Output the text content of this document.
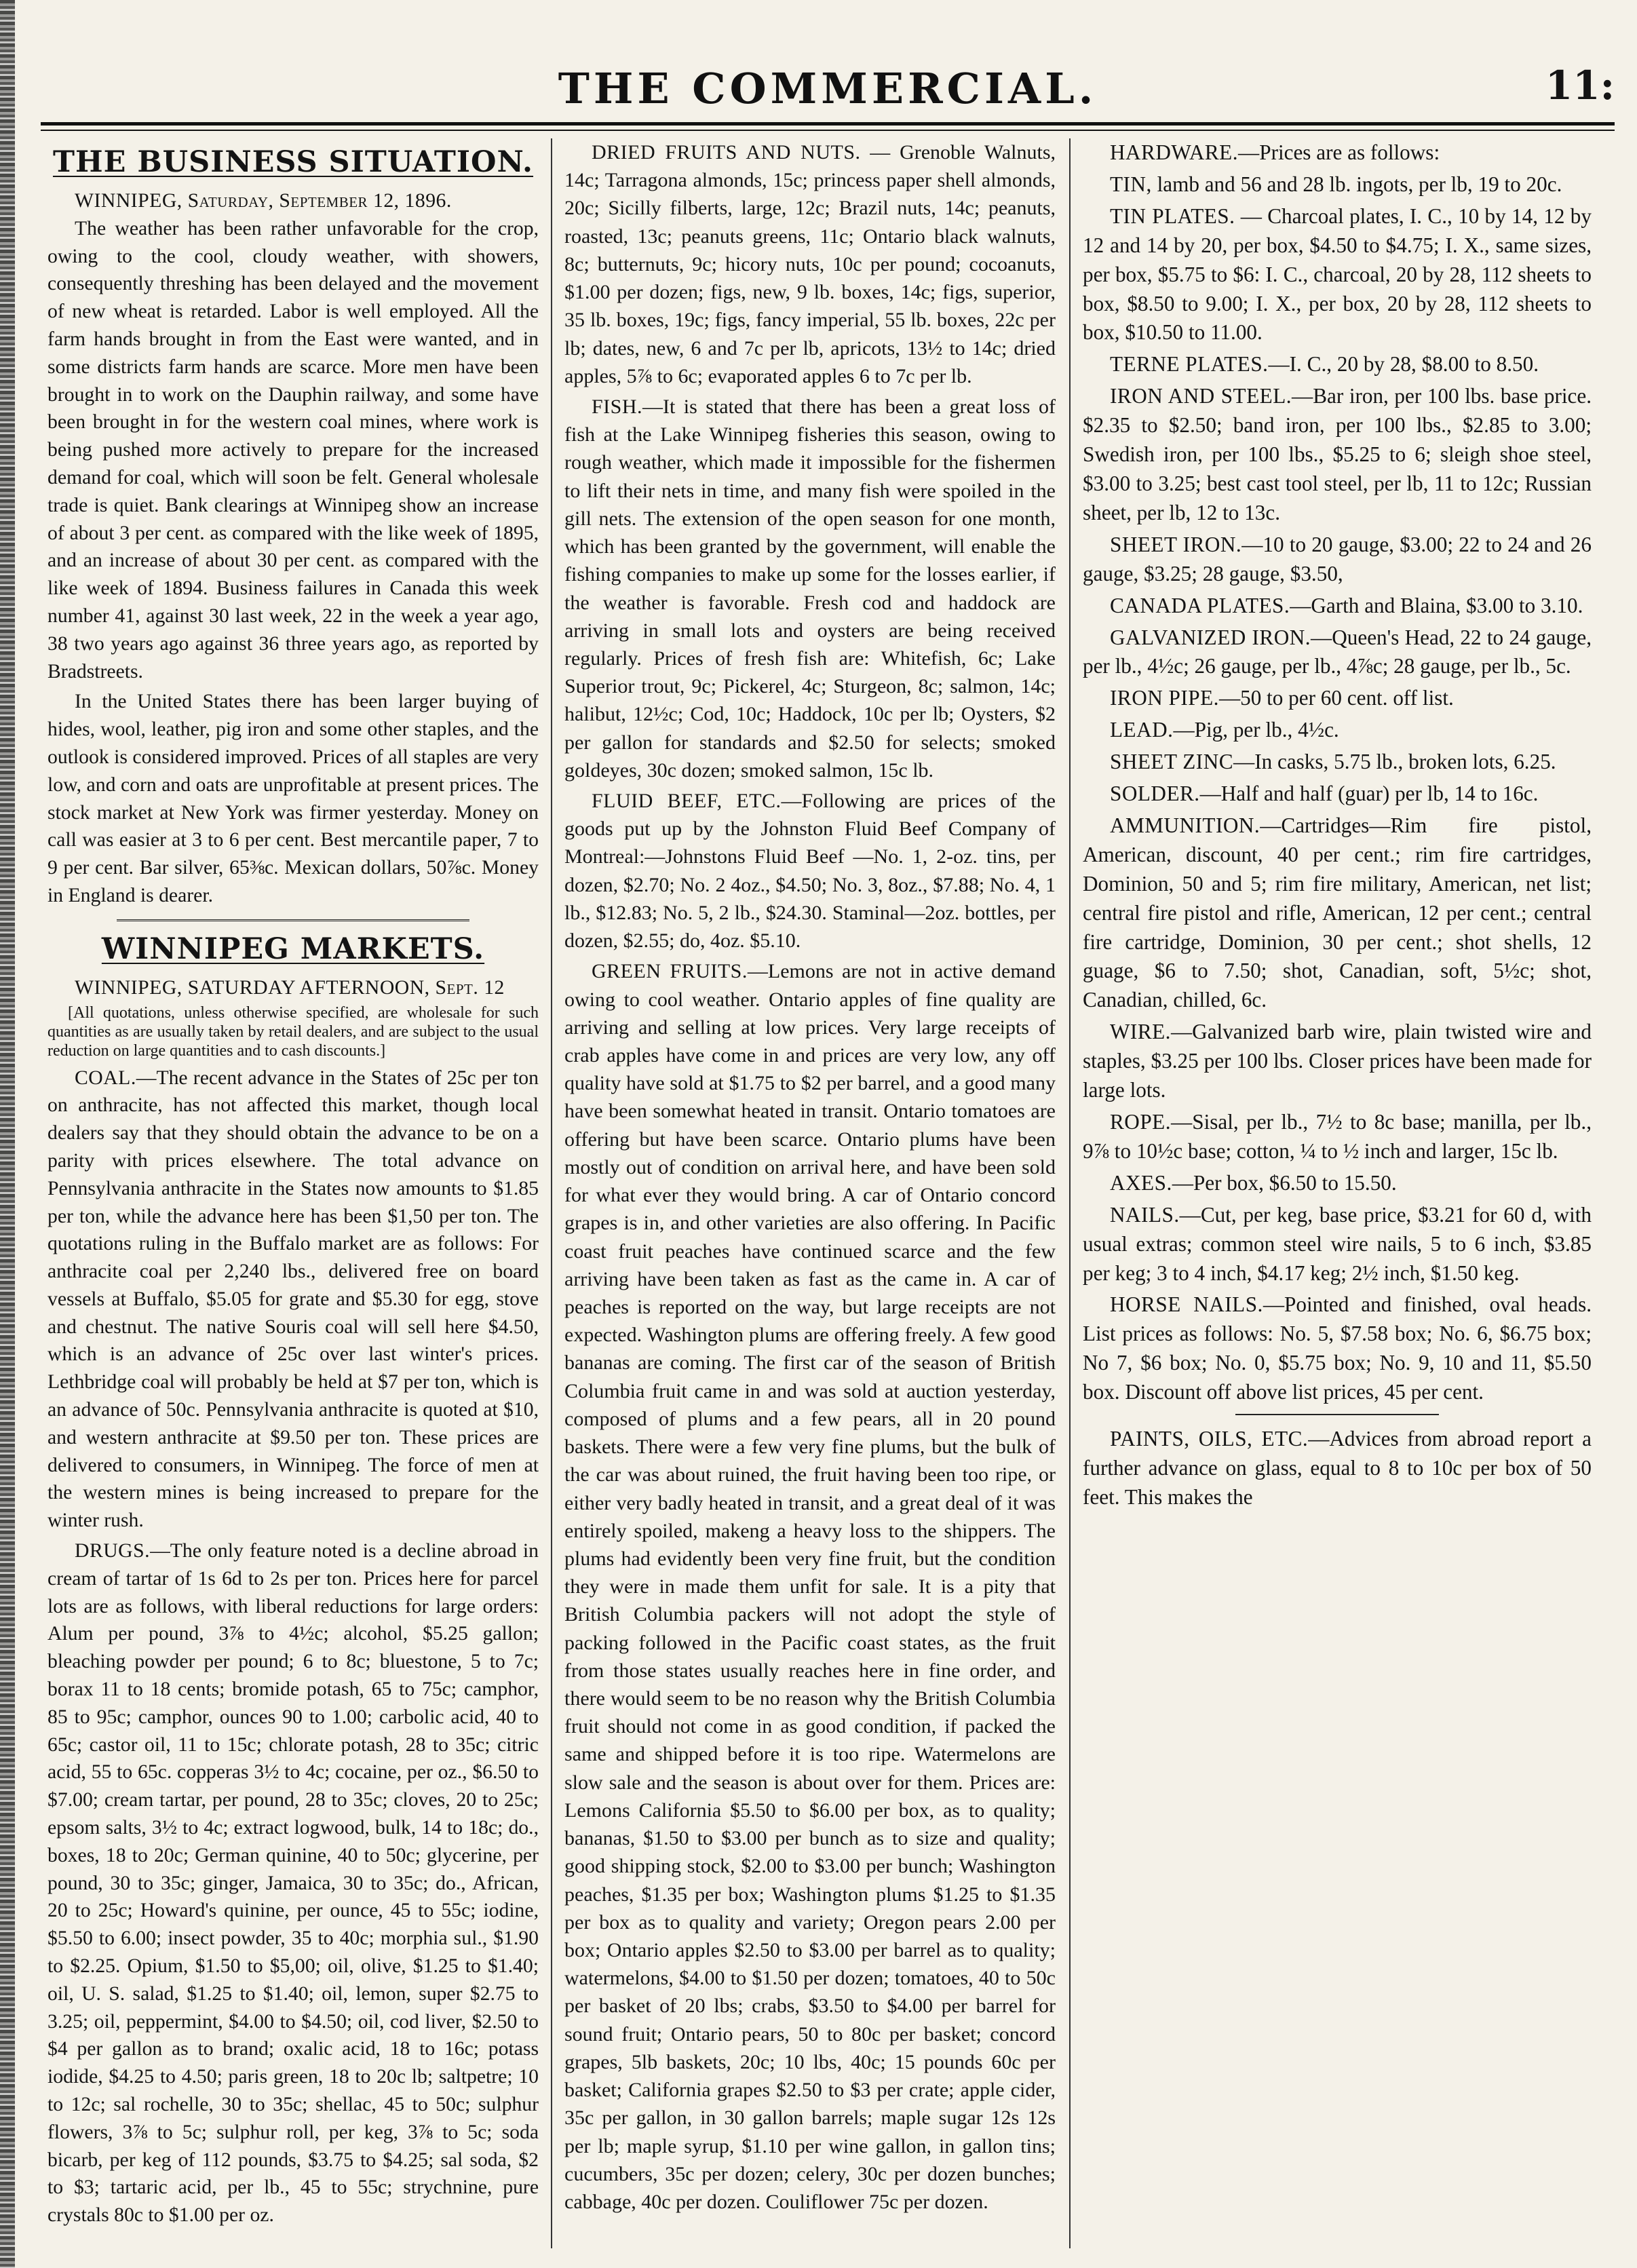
THE COMMERCIAL.	11:
THE BUSINESS SITUATION.

WINNIPEG, Saturday, September 12, 1896.

The weather has been rather unfavorable for the crop, owing to the cool, cloudy weather, with showers, consequently threshing has been delayed and the movement of new wheat is retarded. Labor is well employed. All the farm hands brought in from the East were wanted, and in some districts farm hands are scarce. More men have been brought in to work on the Dauphin railway, and some have been brought in for the western coal mines, where work is being pushed more actively to prepare for the increased demand for coal, which will soon be felt. General wholesale trade is quiet. Bank clearings at Winnipeg show an increase of about 3 per cent. as compared with the like week of 1895, and an increase of about 30 per cent. as compared with the like week of 1894. Business failures in Canada this week number 41, against 30 last week, 22 in the week a year ago, 38 two years ago against 36 three years ago, as reported by Bradstreets.

In the United States there has been larger buying of hides, wool, leather, pig iron and some other staples, and the outlook is considered improved. Prices of all staples are very low, and corn and oats are unprofitable at present prices. The stock market at New York was firmer yesterday. Money on call was easier at 3 to 6 per cent. Best mercantile paper, 7 to 9 per cent. Bar silver, 65⅜c. Mexican dollars, 50⅞c. Money in England is dearer.

WINNIPEG MARKETS.

WINNIPEG, SATURDAY AFTERNOON, Sept. 12

[All quotations, unless otherwise specified, are wholesale for such quantities as are usually taken by retail dealers, and are subject to the usual reduction on large quantities and to cash discounts.]

COAL.—The recent advance in the States of 25c per ton on anthracite, has not affected this market, though local dealers say that they should obtain the advance to be on a parity with prices elsewhere. The total advance on Pennsylvania anthracite in the States now amounts to $1.85 per ton, while the advance here has been $1,50 per ton. The quotations ruling in the Buffalo market are as follows: For anthracite coal per 2,240 lbs., delivered free on board vessels at Buffalo, $5.05 for grate and $5.30 for egg, stove and chestnut. The native Souris coal will sell here $4.50, which is an advance of 25c over last winter's prices. Lethbridge coal will probably be held at $7 per ton, which is an advance of 50c. Pennsylvania anthracite is quoted at $10, and western anthracite at $9.50 per ton. These prices are delivered to consumers, in Winnipeg. The force of men at the western mines is being increased to prepare for the winter rush.

DRUGS.—The only feature noted is a decline abroad in cream of tartar of 1s 6d to 2s per ton. Prices here for parcel lots are as follows, with liberal reductions for large orders: Alum per pound, 3⅞ to 4½c; alcohol, $5.25 gallon; bleaching powder per pound; 6 to 8c; bluestone, 5 to 7c; borax 11 to 18 cents; bromide potash, 65 to 75c; camphor, 85 to 95c; camphor, ounces 90 to 1.00; carbolic acid, 40 to 65c; castor oil, 11 to 15c; chlorate potash, 28 to 35c; citric acid, 55 to 65c. copperas 3½ to 4c; cocaine, per oz., $6.50 to $7.00; cream tartar, per pound, 28 to 35c; cloves, 20 to 25c; epsom salts, 3½ to 4c; extract logwood, bulk, 14 to 18c; do., boxes, 18 to 20c; German quinine, 40 to 50c; glycerine, per pound, 30 to 35c; ginger, Jamaica, 30 to 35c; do., African, 20 to 25c; Howard's quinine, per ounce, 45 to 55c; iodine, $5.50 to 6.00; insect powder, 35 to 40c; morphia sul., $1.90 to $2.25. Opium, $1.50 to $5,00; oil, olive, $1.25 to $1.40; oil, U. S. salad, $1.25 to $1.40; oil, lemon, super $2.75 to 3.25; oil, peppermint, $4.00 to $4.50; oil, cod liver, $2.50 to $4 per gallon as to brand; oxalic acid, 18 to 16c; potass iodide, $4.25 to 4.50; paris green, 18 to 20c lb; saltpetre; 10 to 12c; sal rochelle, 30 to 35c; shellac, 45 to 50c; sulphur flowers, 3⅞ to 5c; sulphur roll, per keg, 3⅞ to 5c; soda bicarb, per keg of 112 pounds, $3.75 to $4.25; sal soda, $2 to $3; tartaric acid, per lb., 45 to 55c; strychnine, pure crystals 80c to $1.00 per oz.

DRIED FRUITS AND NUTS. — Grenoble Walnuts, 14c; Tarragona almonds, 15c; princess paper shell almonds, 20c; Sicilly filberts, large, 12c; Brazil nuts, 14c; peanuts, roasted, 13c; peanuts greens, 11c; Ontario black walnuts, 8c; butternuts, 9c; hicory nuts, 10c per pound; cocoanuts, $1.00 per dozen; figs, new, 9 lb. boxes, 14c; figs, superior, 35 lb. boxes, 19c; figs, fancy imperial, 55 lb. boxes, 22c per lb; dates, new, 6 and 7c per lb, apricots, 13½ to 14c; dried apples, 5⅞ to 6c; evaporated apples 6 to 7c per lb.

FISH.—It is stated that there has been a great loss of fish at the Lake Winnipeg fisheries this season, owing to rough weather, which made it impossible for the fishermen to lift their nets in time, and many fish were spoiled in the gill nets. The extension of the open season for one month, which has been granted by the government, will enable the fishing companies to make up some for the losses earlier, if the weather is favorable. Fresh cod and haddock are arriving in small lots and oysters are being received regularly. Prices of fresh fish are: Whitefish, 6c; Lake Superior trout, 9c; Pickerel, 4c; Sturgeon, 8c; salmon, 14c; halibut, 12½c; Cod, 10c; Haddock, 10c per lb; Oysters, $2 per gallon for standards and $2.50 for selects; smoked goldeyes, 30c dozen; smoked salmon, 15c lb.

FLUID BEEF, ETC.—Following are prices of the goods put up by the Johnston Fluid Beef Company of Montreal:—Johnstons Fluid Beef —No. 1, 2-oz. tins, per dozen, $2.70; No. 2 4oz., $4.50; No. 3, 8oz., $7.88; No. 4, 1 lb., $12.83; No. 5, 2 lb., $24.30. Staminal—2oz. bottles, per dozen, $2.55; do, 4oz. $5.10.

GREEN FRUITS.—Lemons are not in active demand owing to cool weather. Ontario apples of fine quality are arriving and selling at low prices. Very large receipts of crab apples have come in and prices are very low, any off quality have sold at $1.75 to $2 per barrel, and a good many have been somewhat heated in transit. Ontario tomatoes are offering but have been scarce. Ontario plums have been mostly out of condition on arrival here, and have been sold for what ever they would bring. A car of Ontario concord grapes is in, and other varieties are also offering. In Pacific coast fruit peaches have continued scarce and the few arriving have been taken as fast as the came in. A car of peaches is reported on the way, but large receipts are not expected. Washington plums are offering freely. A few good bananas are coming. The first car of the season of British Columbia fruit came in and was sold at auction yesterday, composed of plums and a few pears, all in 20 pound baskets. There were a few very fine plums, but the bulk of the car was about ruined, the fruit having been too ripe, or either very badly heated in transit, and a great deal of it was entirely spoiled, makeng a heavy loss to the shippers. The plums had evidently been very fine fruit, but the condition they were in made them unfit for sale. It is a pity that British Columbia packers will not adopt the style of packing followed in the Pacific coast states, as the fruit from those states usually reaches here in fine order, and there would seem to be no reason why the British Columbia fruit should not come in as good condition, if packed the same and shipped before it is too ripe. Watermelons are slow sale and the season is about over for them. Prices are: Lemons California $5.50 to $6.00 per box, as to quality; bananas, $1.50 to $3.00 per bunch as to size and quality; good shipping stock, $2.00 to $3.00 per bunch; Washington peaches, $1.35 per box; Washington plums $1.25 to $1.35 per box as to quality and variety; Oregon pears 2.00 per box; Ontario apples $2.50 to $3.00 per barrel as to quality; watermelons, $4.00 to $1.50 per dozen; tomatoes, 40 to 50c per basket of 20 lbs; crabs, $3.50 to $4.00 per barrel for sound fruit; Ontario pears, 50 to 80c per basket; concord grapes, 5lb baskets, 20c; 10 lbs, 40c; 15 pounds 60c per basket; California grapes $2.50 to $3 per crate; apple cider, 35c per gallon, in 30 gallon barrels; maple sugar 12s 12s per lb; maple syrup, $1.10 per wine gallon, in gallon tins; cucumbers, 35c per dozen; celery, 30c per dozen bunches; cabbage, 40c per dozen. Couliflower 75c per dozen.

HARDWARE.—Prices are as follows:

TIN, lamb and 56 and 28 lb. ingots, per lb, 19 to 20c.

TIN PLATES. — Charcoal plates, I. C., 10 by 14, 12 by 12 and 14 by 20, per box, $4.50 to $4.75; I. X., same sizes, per box, $5.75 to $6: I. C., charcoal, 20 by 28, 112 sheets to box, $8.50 to 9.00; I. X., per box, 20 by 28, 112 sheets to box, $10.50 to 11.00.

TERNE PLATES.—I. C., 20 by 28, $8.00 to 8.50.

IRON AND STEEL.—Bar iron, per 100 lbs. base price. $2.35 to $2.50; band iron, per 100 lbs., $2.85 to 3.00; Swedish iron, per 100 lbs., $5.25 to 6; sleigh shoe steel, $3.00 to 3.25; best cast tool steel, per lb, 11 to 12c; Russian sheet, per lb, 12 to 13c.

SHEET IRON.—10 to 20 gauge, $3.00; 22 to 24 and 26 gauge, $3.25; 28 gauge, $3.50,

CANADA PLATES.—Garth and Blaina, $3.00 to 3.10.

GALVANIZED IRON.—Queen's Head, 22 to 24 gauge, per lb., 4½c; 26 gauge, per lb., 4⅞c; 28 gauge, per lb., 5c.

IRON PIPE.—50 to per 60 cent. off list.

LEAD.—Pig, per lb., 4½c.

SHEET ZINC—In casks, 5.75 lb., broken lots, 6.25.

SOLDER.—Half and half (guar) per lb, 14 to 16c.

AMMUNITION.—Cartridges—Rim fire pistol, American, discount, 40 per cent.; rim fire cartridges, Dominion, 50 and 5; rim fire military, American, net list; central fire pistol and rifle, American, 12 per cent.; central fire cartridge, Dominion, 30 per cent.; shot shells, 12 guage, $6 to 7.50; shot, Canadian, soft, 5½c; shot, Canadian, chilled, 6c.

WIRE.—Galvanized barb wire, plain twisted wire and staples, $3.25 per 100 lbs. Closer prices have been made for large lots.

ROPE.—Sisal, per lb., 7½ to 8c base; manilla, per lb., 9⅞ to 10½c base; cotton, ¼ to ½ inch and larger, 15c lb.

AXES.—Per box, $6.50 to 15.50.

NAILS.—Cut, per keg, base price, $3.21 for 60 d, with usual extras; common steel wire nails, 5 to 6 inch, $3.85 per keg; 3 to 4 inch, $4.17 keg; 2½ inch, $1.50 keg.

HORSE NAILS.—Pointed and finished, oval heads. List prices as follows: No. 5, $7.58 box; No. 6, $6.75 box; No 7, $6 box; No. 0, $5.75 box; No. 9, 10 and 11, $5.50 box. Discount off above list prices, 45 per cent.

PAINTS, OILS, ETC.—Advices from abroad report a further advance on glass, equal to 8 to 10c per box of 50 feet. This makes the
